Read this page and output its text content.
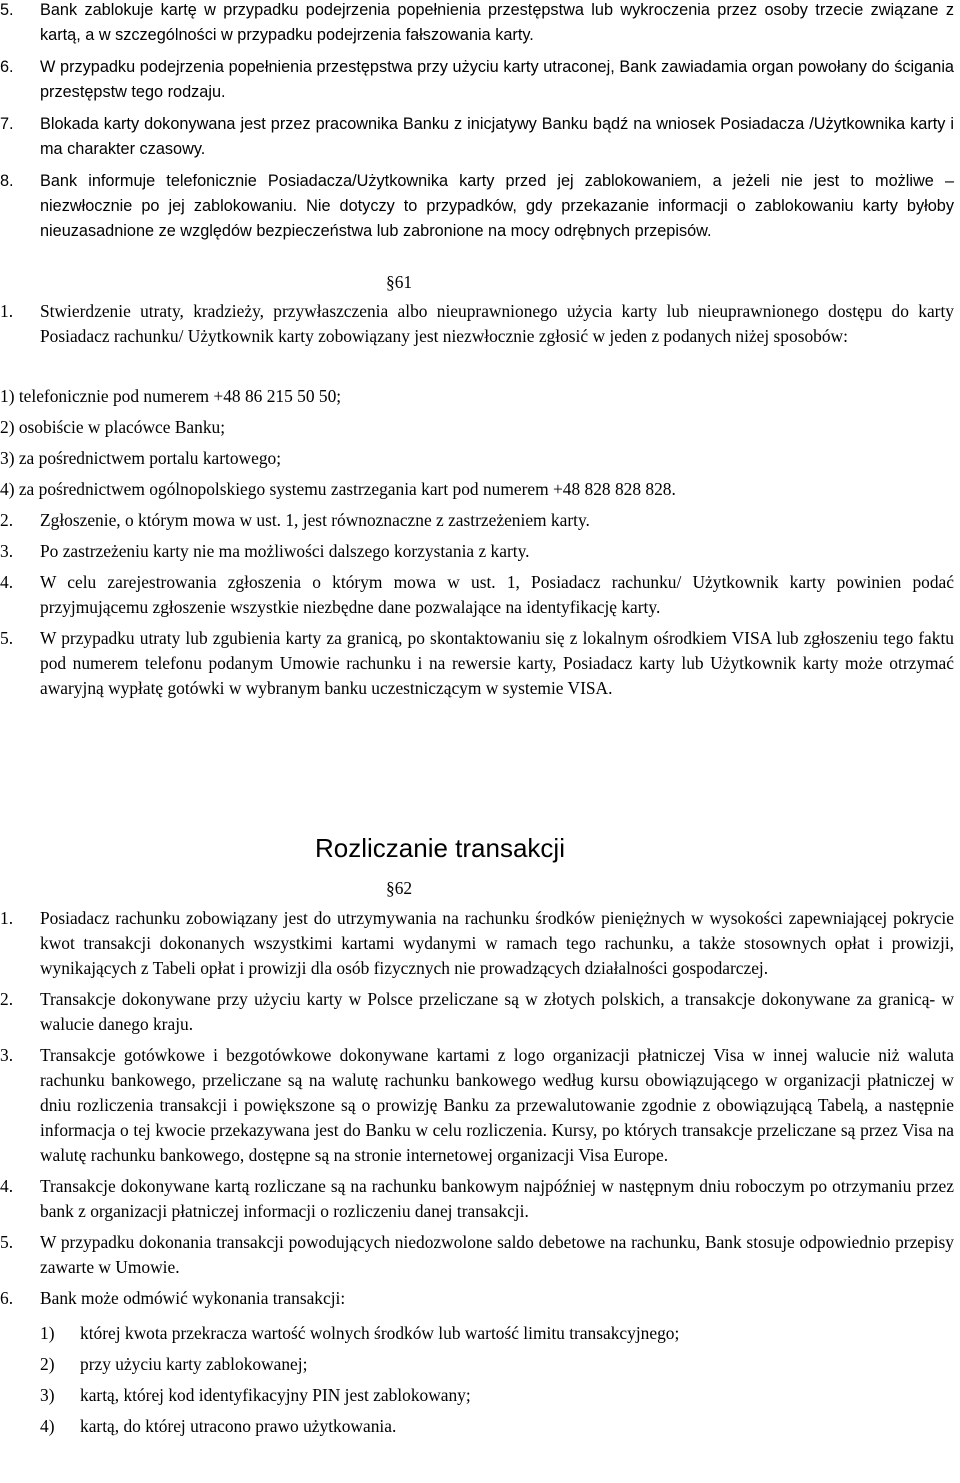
5.	Bank zablokuje kartę w przypadku podejrzenia popełnienia przestępstwa lub wykroczenia przez osoby trzecie związane z kartą, a w szczególności w przypadku podejrzenia fałszowania karty.
6.	W przypadku podejrzenia popełnienia przestępstwa przy użyciu karty utraconej, Bank zawiadamia organ powołany do ścigania przestępstw tego rodzaju.
7.	Blokada karty dokonywana jest przez pracownika Banku z inicjatywy Banku bądź na wniosek Posiadacza /Użytkownika karty i ma charakter czasowy.
8.	Bank informuje telefonicznie Posiadacza/Użytkownika karty przed jej zablokowaniem, a jeżeli nie jest to możliwe – niezwłocznie po jej zablokowaniu. Nie dotyczy to przypadków, gdy przekazanie informacji o zablokowaniu karty byłoby nieuzasadnione ze względów bezpieczeństwa lub zabronione na mocy odrębnych przepisów.
§61
1.	Stwierdzenie utraty, kradzieży, przywłaszczenia albo nieuprawnionego użycia karty lub nieuprawnionego dostępu do karty Posiadacz rachunku/ Użytkownik karty zobowiązany jest niezwłocznie zgłosić w jeden z podanych niżej sposobów:
1) telefonicznie pod numerem +48 86 215 50 50;
2) osobiście w placówce Banku;
3) za pośrednictwem portalu kartowego;
4) za pośrednictwem ogólnopolskiego systemu zastrzegania kart pod numerem +48 828 828 828.
2.	Zgłoszenie, o którym mowa w ust. 1, jest równoznaczne z zastrzeżeniem karty.
3.	Po zastrzeżeniu karty nie ma możliwości dalszego korzystania z karty.
4.	W celu zarejestrowania zgłoszenia o którym mowa w ust. 1, Posiadacz rachunku/ Użytkownik karty powinien podać przyjmującemu zgłoszenie wszystkie niezbędne dane pozwalające na identyfikację karty.
5.	W przypadku utraty lub zgubienia karty za granicą, po skontaktowaniu się z lokalnym ośrodkiem VISA lub zgłoszeniu tego faktu pod numerem telefonu podanym Umowie rachunku i na rewersie karty, Posiadacz karty lub Użytkownik karty może otrzymać awaryjną wypłatę gotówki w wybranym banku uczestniczącym w systemie VISA.
Rozliczanie transakcji
§62
1.	Posiadacz rachunku zobowiązany jest do utrzymywania na rachunku środków pieniężnych w wysokości zapewniającej pokrycie kwot transakcji dokonanych wszystkimi kartami wydanymi w ramach tego rachunku, a także stosownych opłat i prowizji, wynikających z Tabeli opłat i prowizji dla osób fizycznych nie prowadzących działalności gospodarczej.
2.	Transakcje dokonywane przy użyciu karty w Polsce przeliczane są w złotych polskich, a transakcje dokonywane za granicą- w walucie danego kraju.
3.	Transakcje gotówkowe i bezgotówkowe dokonywane kartami z logo organizacji płatniczej Visa w innej walucie niż waluta rachunku bankowego, przeliczane są na walutę rachunku bankowego według kursu obowiązującego w organizacji płatniczej w dniu rozliczenia transakcji i powiększone są o prowizję Banku za przewalutowanie zgodnie z obowiązującą Tabelą, a następnie informacja o tej kwocie przekazywana jest do Banku w celu rozliczenia. Kursy, po których transakcje przeliczane są przez Visa na walutę rachunku bankowego, dostępne są na stronie internetowej organizacji Visa Europe.
4.	Transakcje dokonywane kartą rozliczane są na rachunku bankowym najpóźniej w następnym dniu roboczym po otrzymaniu przez bank z organizacji płatniczej informacji o rozliczeniu danej transakcji.
5.	W przypadku dokonania transakcji powodujących niedozwolone saldo debetowe na rachunku, Bank stosuje odpowiednio przepisy zawarte w Umowie.
6.	Bank może odmówić wykonania transakcji:
1)	której kwota przekracza wartość wolnych środków lub wartość limitu transakcyjnego;
2)	przy użyciu karty zablokowanej;
3)	kartą, której kod identyfikacyjny PIN jest zablokowany;
4)	kartą, do której utracono prawo użytkowania.
